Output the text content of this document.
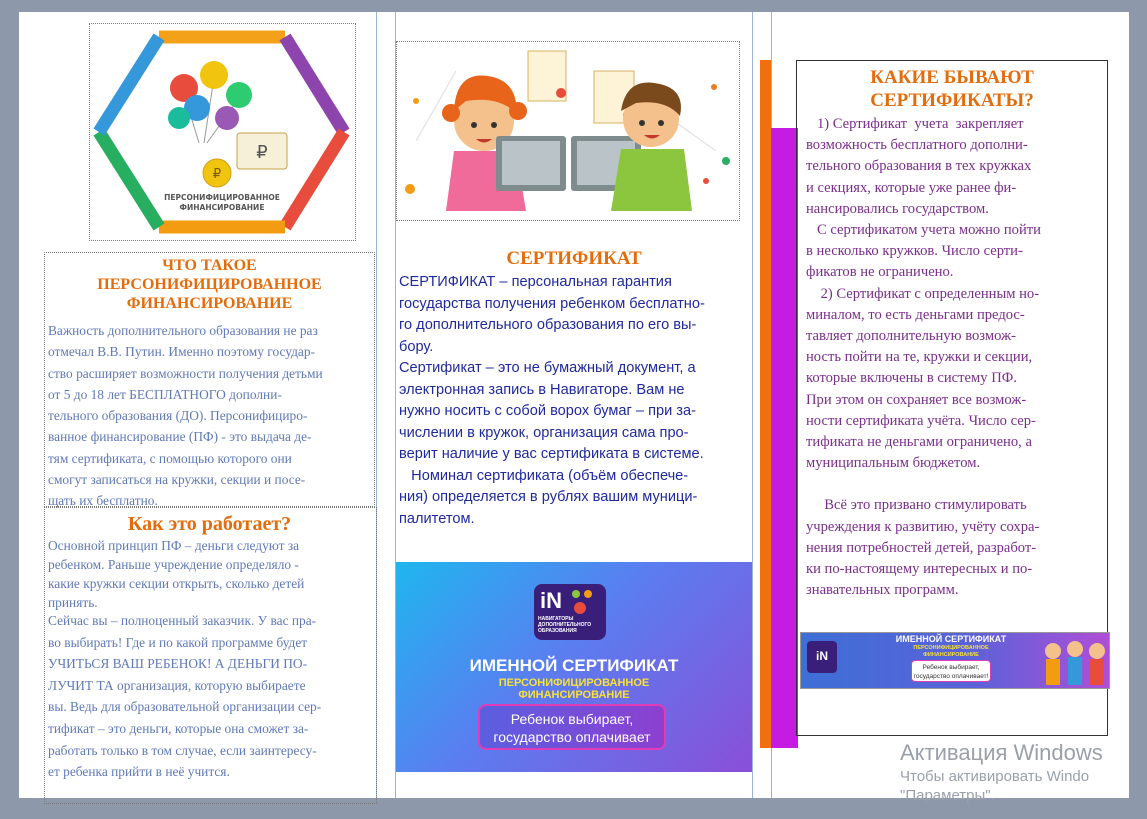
₽
₽
ПЕРСОНИФИЦИРОВАННОЕ
ФИНАНСИРОВАНИЕ
ЧТО ТАКОЕ
ПЕРСОНИФИЦИРОВАННОЕ
ФИНАНСИРОВАНИЕ
Важность дополнительного образования не раз
отмечал В.В. Путин. Именно поэтому государ-
ство расширяет возможности получения детьми
от 5 до 18 лет БЕСПЛАТНОГО дополни-
тельного образования (ДО). Персонифициро-
ванное финансирование (ПФ) - это выдача де-
тям сертификата, с помощью которого они
смогут записаться на кружки, секции и посе-
щать их бесплатно.
Как это работает?
Основной принцип ПФ – деньги следуют за
ребенком. Раньше учреждение определяло -
какие кружки секции открыть, сколько детей
принять.
Сейчас вы – полноценный заказчик. У вас пра-
во выбирать! Где и по какой программе будет
УЧИТЬСЯ ВАШ РЕБЕНОК! А ДЕНЬГИ ПО-
ЛУЧИТ ТА организация, которую выбираете
вы. Ведь для образовательной организации сер-
тификат – это деньги, которые она сможет за-
работать только в том случае, если заинтересу-
ет ребенка прийти в неё учится.
СЕРТИФИКАТ
СЕРТИФИКАТ – персональная гарантия
государства получения ребенком бесплатно-
го дополнительного образования по его вы-
бору.
Сертификат – это не бумажный документ, а
электронная запись в Навигаторе. Вам не
нужно носить с собой ворох бумаг – при за-
числении в кружок, организация сама про-
верит наличие у вас сертификата в системе.
Номинал сертификата (объём обеспече-
ния) определяется в рублях вашим муници-
палитетом.
iN
НАВИГАТОРЫ
ДОПОЛНИТЕЛЬНОГО
ОБРАЗОВАНИЯ
ИМЕННОЙ СЕРТИФИКАТ
ПЕРСОНИФИЦИРОВАННОЕ
ФИНАНСИРОВАНИЕ
Ребенок выбирает,
государство оплачивает
КАКИЕ БЫВАЮТ
СЕРТИФИКАТЫ?
1) Сертификат  учета  закрепляет
возможность бесплатного дополни-
тельного образования в тех кружках
и секциях, которые уже ранее фи-
нансировались государством.
С сертификатом учета можно пойти
в несколько кружков. Число серти-
фикатов не ограничено.
2) Сертификат с определенным но-
миналом, то есть деньгами предос-
тавляет дополнительную возмож-
ность пойти на те, кружки и секции,
которые включены в систему ПФ.
При этом он сохраняет все возмож-
ности сертификата учёта. Число сер-
тификата не деньгами ограничено, а
муниципальным бюджетом.
Всё это призвано стимулировать
учреждения к развитию, учёту сохра-
нения потребностей детей, разработ-
ки по-настоящему интересных и по-
знавательных программ.
iN
ИМЕННОЙ СЕРТИФИКАТ
ПЕРСОНИФИЦИРОВАННОЕ
ФИНАНСИРОВАНИЕ
Ребенок выбирает,
государство оплачивает!
Активация Windows
Чтобы активировать Windo
"Параметры".
